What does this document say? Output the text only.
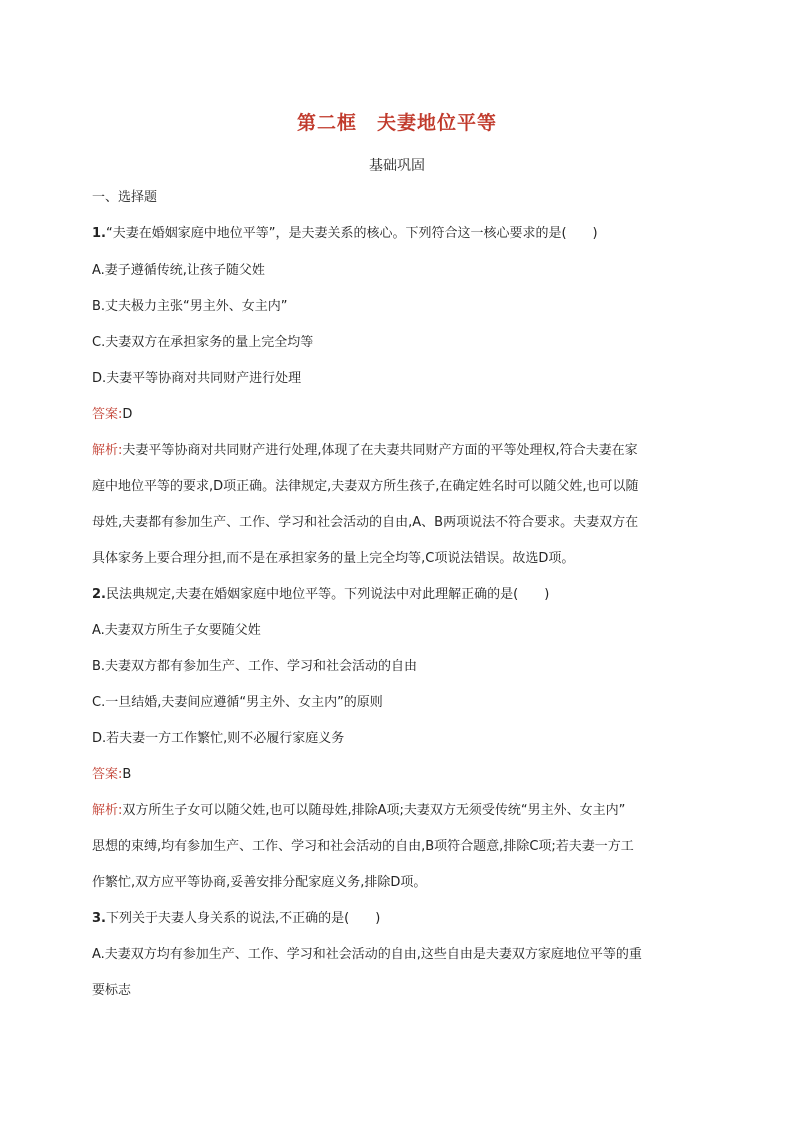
第二框　夫妻地位平等
基础巩固
一、选择题
1.“夫妻在婚姻家庭中地位平等”，是夫妻关系的核心。下列符合这一核心要求的是(　　)
A.妻子遵循传统,让孩子随父姓
B.丈夫极力主张“男主外、女主内”
C.夫妻双方在承担家务的量上完全均等
D.夫妻平等协商对共同财产进行处理
答案:D
解析:夫妻平等协商对共同财产进行处理,体现了在夫妻共同财产方面的平等处理权,符合夫妻在家
庭中地位平等的要求,D项正确。法律规定,夫妻双方所生孩子,在确定姓名时可以随父姓,也可以随
母姓,夫妻都有参加生产、工作、学习和社会活动的自由,A、B两项说法不符合要求。夫妻双方在
具体家务上要合理分担,而不是在承担家务的量上完全均等,C项说法错误。故选D项。
2.民法典规定,夫妻在婚姻家庭中地位平等。下列说法中对此理解正确的是(　　)
A.夫妻双方所生子女要随父姓
B.夫妻双方都有参加生产、工作、学习和社会活动的自由
C.一旦结婚,夫妻间应遵循“男主外、女主内”的原则
D.若夫妻一方工作繁忙,则不必履行家庭义务
答案:B
解析:双方所生子女可以随父姓,也可以随母姓,排除A项;夫妻双方无须受传统“男主外、女主内”
思想的束缚,均有参加生产、工作、学习和社会活动的自由,B项符合题意,排除C项;若夫妻一方工
作繁忙,双方应平等协商,妥善安排分配家庭义务,排除D项。
3.下列关于夫妻人身关系的说法,不正确的是(　　)
A.夫妻双方均有参加生产、工作、学习和社会活动的自由,这些自由是夫妻双方家庭地位平等的重
要标志
